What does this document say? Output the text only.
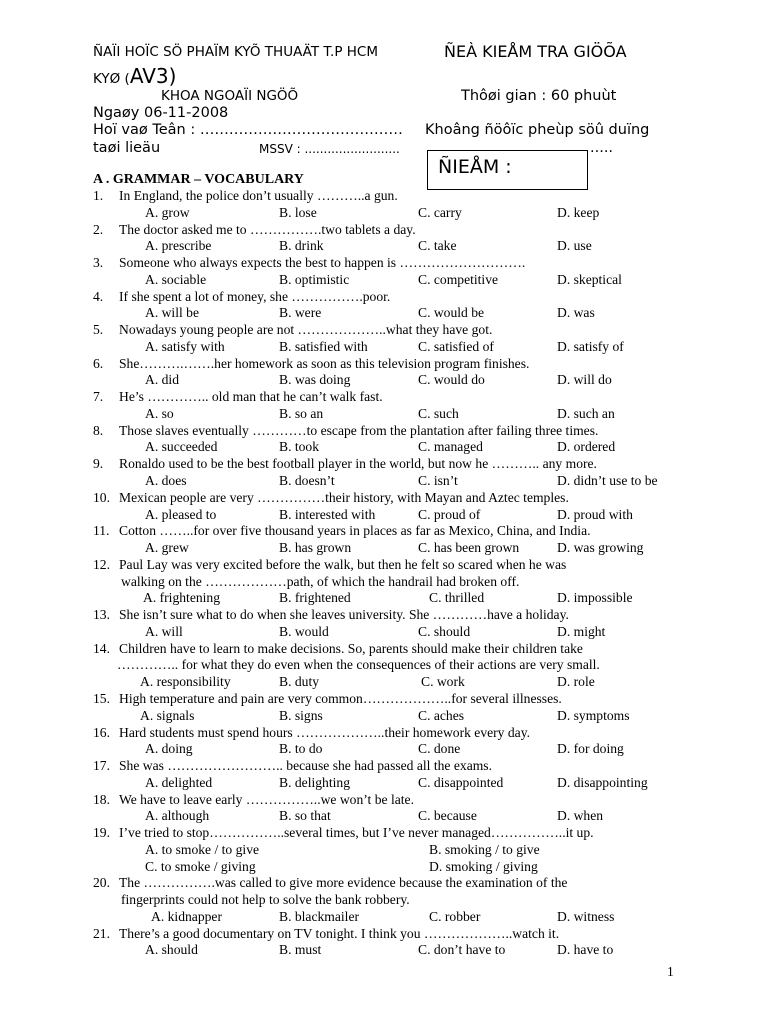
ÑAÏI HOÏC SÖ PHAÏM KYÕ THUAÄT T.P HCM	ÑEÀ KIEÅM TRA GIÖÕA
KYØ (AV3)
KHOA NGOAÏI NGÖÕ	Thôøi gian : 60 phuùt
Ngaøy 06-11-2008
Hoï vaø Teân : …………………………………… Khoâng ñöôïc pheùp söû duïng
taøi lieäu	MSSV : .........................	.....
ÑIEÅM :
A . GRAMMAR – VOCABULARY
1. In England, the police don’t usually ………..a gun.
A. grow	B. lose	C. carry	D. keep
2. The doctor asked me to …………….two tablets a day.
A. prescribe	B. drink	C. take	D. use
3. Someone who always expects the best to happen is ……………………….
A. sociable	B. optimistic	C. competitive	D. skeptical
4. If she spent a lot of money, she …………….poor.
A. will be	B. were	C. would be	D. was
5. Nowadays young people are not ………………..what they have got.
A. satisfy with	B. satisfied with	C. satisfied of	D. satisfy of
6. She……….…….her homework as soon as this television program finishes.
A. did	B. was doing	C. would do	D. will do
7. He’s ………….. old man that he can’t walk fast.
A. so	B. so an	C. such	D. such an
8. Those slaves eventually …………to escape from the plantation after failing three times.
A. succeeded	B. took	C. managed	D. ordered
9. Ronaldo used to be the best football player in the world, but now he ……….. any more.
A. does	B. doesn’t	C. isn’t	D. didn’t use to be
10. Mexican people are very ……………their history, with Mayan and Aztec temples.
A. pleased to	B. interested with	C. proud of	D. proud with
11. Cotton ……..for over five thousand years in places as far as Mexico, China, and India.
A. grew	B. has grown	C. has been grown	D. was growing
12. Paul Lay was very excited before the walk, but then he felt so scared when he was
walking on the ………………path, of which the handrail had broken off.
A. frightening	B. frightened	C. thrilled	D. impossible
13. She isn’t sure what to do when she leaves university. She …………have a holiday.
A. will	B. would	C. should	D. might
14. Children have to learn to make decisions. So, parents should make their children take
………….. for what they do even when the consequences of their actions are very small.
A. responsibility	B. duty	C. work	D. role
15. High temperature and pain are very common………………..for several illnesses.
A. signals	B. signs	C. aches	D. symptoms
16. Hard students must spend hours ………………..their homework every day.
A. doing	B. to do	C. done	D. for doing
17. She was …………………….. because she had passed all the exams.
A. delighted	B. delighting	C. disappointed	D. disappointing
18. We have to leave early ……………..we won’t be late.
A. although	B. so that	C. because	D. when
19. I’ve tried to stop……………..several times, but I’ve never managed……………..it up.
A. to smoke / to give	B. smoking / to give
C. to smoke / giving	D. smoking / giving
20. The …………….was called to give more evidence because the examination of the
fingerprints could not help to solve the bank robbery.
A. kidnapper	B. blackmailer	C. robber	D. witness
21. There’s a good documentary on TV tonight. I think you ………………..watch it.
A. should	B. must	C. don’t have to	D. have to
1
